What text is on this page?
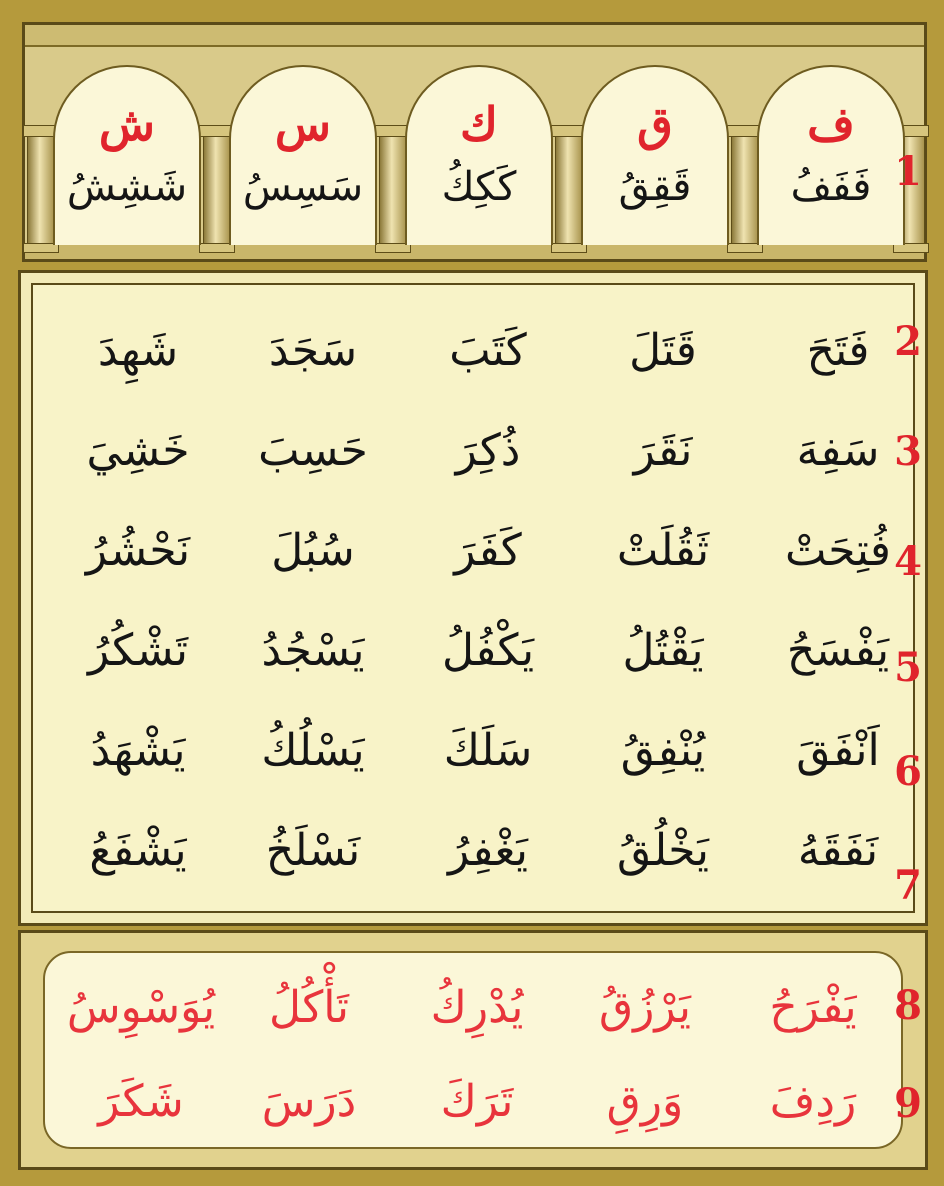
ف
فَفَفُ
ق
قَقِقُ
ك
كَكِكُ
س
سَسِسُ
ش
شَشِشُ
فَتَحَ
قَتَلَ
كَتَبَ
سَجَدَ
شَهِدَ
سَفِهَ
نَقَرَ
ذُكِرَ
حَسِبَ
خَشِيَ
فُتِحَتْ
ثَقُلَتْ
كَفَرَ
سُبُلَ
نَحْشُرُ
يَفْسَحُ
يَقْتُلُ
يَكْفُلُ
يَسْجُدُ
تَشْكُرُ
اَنْفَقَ
يُنْفِقُ
سَلَكَ
يَسْلُكُ
يَشْهَدُ
نَفَقَهُ
يَخْلُقُ
يَغْفِرُ
نَسْلَخُ
يَشْفَعُ
يَفْرَحُ
يَرْزُقُ
يُدْرِكُ
تَأْكُلُ
يُوَسْوِسُ
رَدِفَ
وَرِقِ
تَرَكَ
دَرَسَ
شَكَرَ
1
2
3
4
5
6
7
8
9
